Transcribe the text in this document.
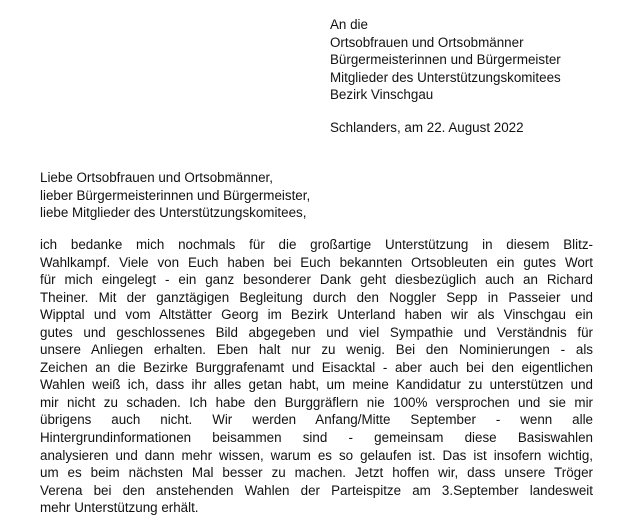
An die
Ortsobfrauen und Ortsobmänner
Bürgermeisterinnen und Bürgermeister
Mitglieder des Unterstützungskomitees
Bezirk Vinschgau
Schlanders, am 22. August 2022
Liebe Ortsobfrauen und Ortsobmänner,
lieber Bürgermeisterinnen und Bürgermeister,
liebe Mitglieder des Unterstützungskomitees,
ich bedanke mich nochmals für die großartige Unterstützung in diesem Blitz-
Wahlkampf. Viele von Euch haben bei Euch bekannten Ortsobleuten ein gutes Wort
für mich eingelegt - ein ganz besonderer Dank geht diesbezüglich auch an Richard
Theiner. Mit der ganztägigen Begleitung durch den Noggler Sepp in Passeier und
Wipptal und vom Altstätter Georg im Bezirk Unterland haben wir als Vinschgau ein
gutes und geschlossenes Bild abgegeben und viel Sympathie und Verständnis für
unsere Anliegen erhalten. Eben halt nur zu wenig. Bei den Nominierungen - als
Zeichen an die Bezirke Burggrafenamt und Eisacktal - aber auch bei den eigentlichen
Wahlen weiß ich, dass ihr alles getan habt, um meine Kandidatur zu unterstützen und
mir nicht zu schaden. Ich habe den Burggräflern nie 100% versprochen und sie mir
übrigens auch nicht. Wir werden Anfang/Mitte September - wenn alle
Hintergrundinformationen beisammen sind - gemeinsam diese Basiswahlen
analysieren und dann mehr wissen, warum es so gelaufen ist. Das ist insofern wichtig,
um es beim nächsten Mal besser zu machen. Jetzt hoffen wir, dass unsere Tröger
Verena bei den anstehenden Wahlen der Parteispitze am 3.September landesweit
mehr Unterstützung erhält.
